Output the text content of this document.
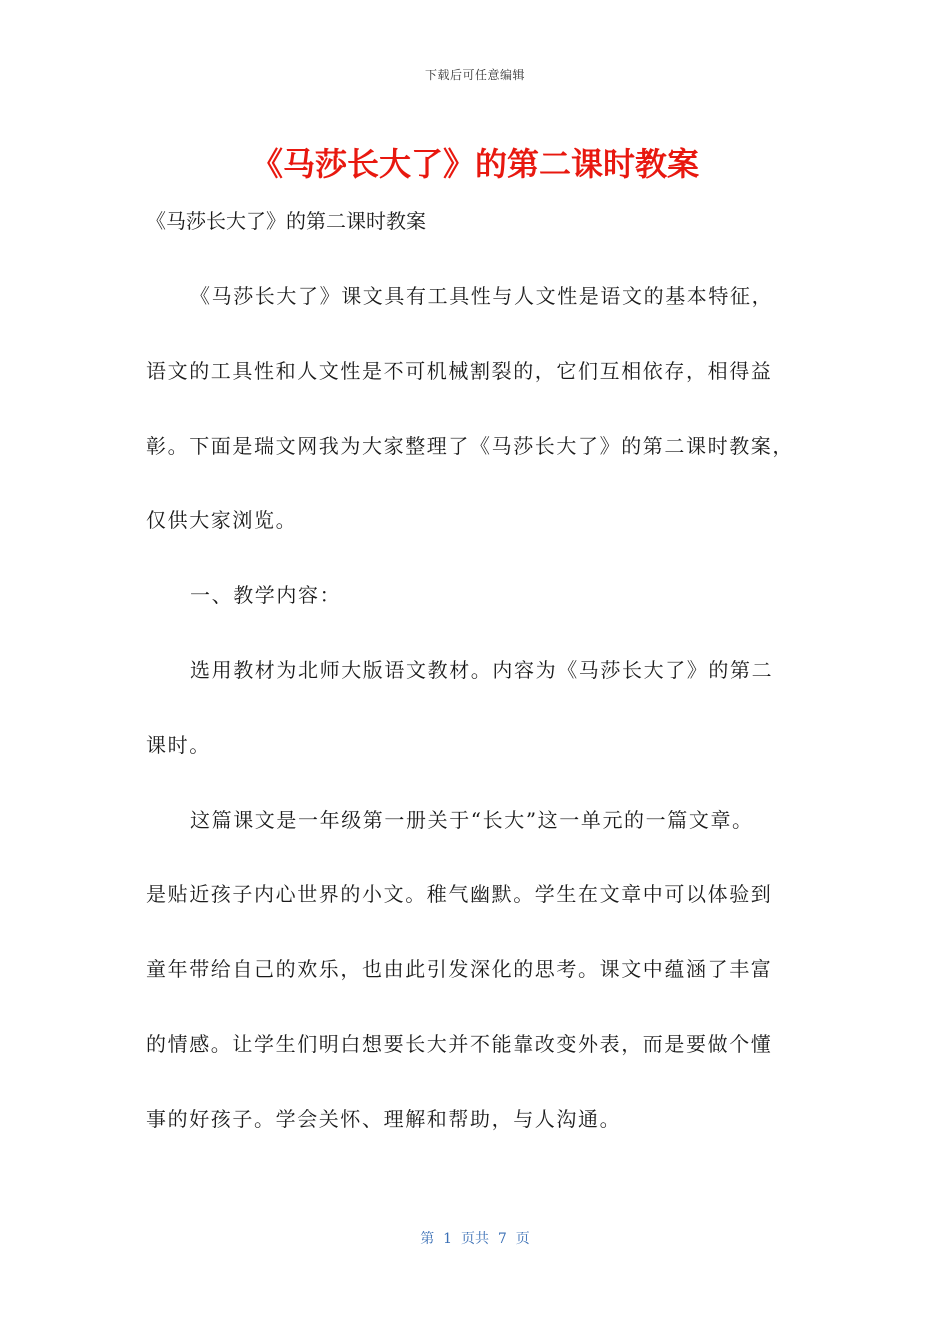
下载后可任意编辑
《马莎长大了》的第二课时教案
《马莎长大了》的第二课时教案
《马莎长大了》课文具有工具性与人文性是语文的基本特征，
语文的工具性和人文性是不可机械割裂的，它们互相依存，相得益
彰。下面是瑞文网我为大家整理了《马莎长大了》的第二课时教案，
仅供大家浏览。
一、教学内容：
选用教材为北师大版语文教材。内容为《马莎长大了》的第二
课时。
这篇课文是一年级第一册关于“长大”这一单元的一篇文章。
是贴近孩子内心世界的小文。稚气幽默。学生在文章中可以体验到
童年带给自己的欢乐，也由此引发深化的思考。课文中蕴涵了丰富
的情感。让学生们明白想要长大并不能靠改变外表，而是要做个懂
事的好孩子。学会关怀、理解和帮助，与人沟通。
第  1  页共  7  页
